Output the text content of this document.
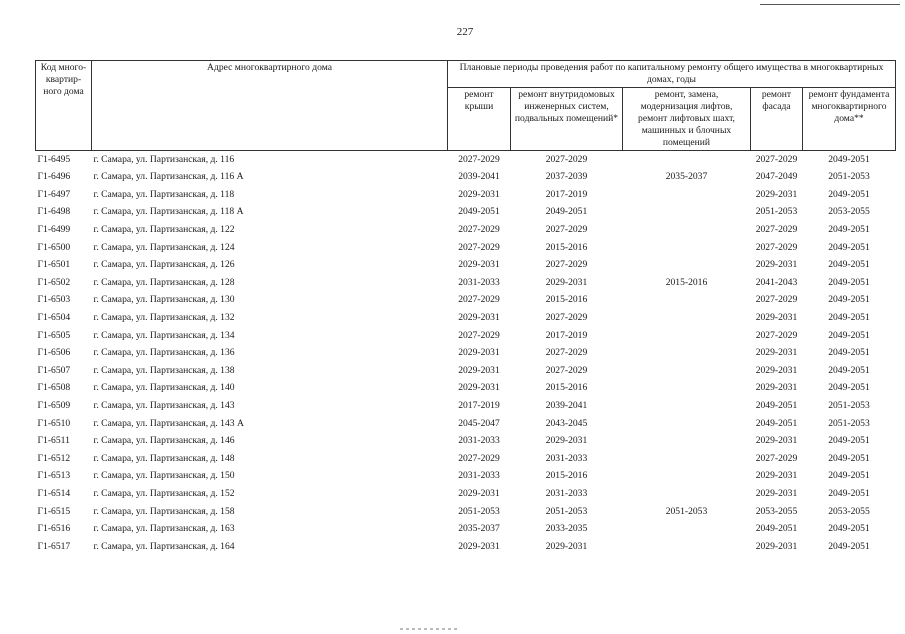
227
Код много-квартир-ного дома	Адрес многоквартирного дома	Плановые периоды проведения работ по капитальному ремонту общего имущества в многоквартирных домах, годы				
		ремонт крыши	ремонт внутридомовых инженерных систем, подвальных помещений*	ремонт, замена, модернизация лифтов, ремонт лифтовых шахт, машинных и блочных помещений	ремонт фасада	ремонт фундамента многоквартирного дома**
Г1-6495	г. Самара, ул. Партизанская, д. 116	2027-2029	2027-2029		2027-2029	2049-2051
Г1-6496	г. Самара, ул. Партизанская, д. 116 А	2039-2041	2037-2039	2035-2037	2047-2049	2051-2053
Г1-6497	г. Самара, ул. Партизанская, д. 118	2029-2031	2017-2019		2029-2031	2049-2051
Г1-6498	г. Самара, ул. Партизанская, д. 118 А	2049-2051	2049-2051		2051-2053	2053-2055
Г1-6499	г. Самара, ул. Партизанская, д. 122	2027-2029	2027-2029		2027-2029	2049-2051
Г1-6500	г. Самара, ул. Партизанская, д. 124	2027-2029	2015-2016		2027-2029	2049-2051
Г1-6501	г. Самара, ул. Партизанская, д. 126	2029-2031	2027-2029		2029-2031	2049-2051
Г1-6502	г. Самара, ул. Партизанская, д. 128	2031-2033	2029-2031	2015-2016	2041-2043	2049-2051
Г1-6503	г. Самара, ул. Партизанская, д. 130	2027-2029	2015-2016		2027-2029	2049-2051
Г1-6504	г. Самара, ул. Партизанская, д. 132	2029-2031	2027-2029		2029-2031	2049-2051
Г1-6505	г. Самара, ул. Партизанская, д. 134	2027-2029	2017-2019		2027-2029	2049-2051
Г1-6506	г. Самара, ул. Партизанская, д. 136	2029-2031	2027-2029		2029-2031	2049-2051
Г1-6507	г. Самара, ул. Партизанская, д. 138	2029-2031	2027-2029		2029-2031	2049-2051
Г1-6508	г. Самара, ул. Партизанская, д. 140	2029-2031	2015-2016		2029-2031	2049-2051
Г1-6509	г. Самара, ул. Партизанская, д. 143	2017-2019	2039-2041		2049-2051	2051-2053
Г1-6510	г. Самара, ул. Партизанская, д. 143 А	2045-2047	2043-2045		2049-2051	2051-2053
Г1-6511	г. Самара, ул. Партизанская, д. 146	2031-2033	2029-2031		2029-2031	2049-2051
Г1-6512	г. Самара, ул. Партизанская, д. 148	2027-2029	2031-2033		2027-2029	2049-2051
Г1-6513	г. Самара, ул. Партизанская, д. 150	2031-2033	2015-2016		2029-2031	2049-2051
Г1-6514	г. Самара, ул. Партизанская, д. 152	2029-2031	2031-2033		2029-2031	2049-2051
Г1-6515	г. Самара, ул. Партизанская, д. 158	2051-2053	2051-2053	2051-2053	2053-2055	2053-2055
Г1-6516	г. Самара, ул. Партизанская, д. 163	2035-2037	2033-2035		2049-2051	2049-2051
Г1-6517	г. Самара, ул. Партизанская, д. 164	2029-2031	2029-2031		2029-2031	2049-2051
